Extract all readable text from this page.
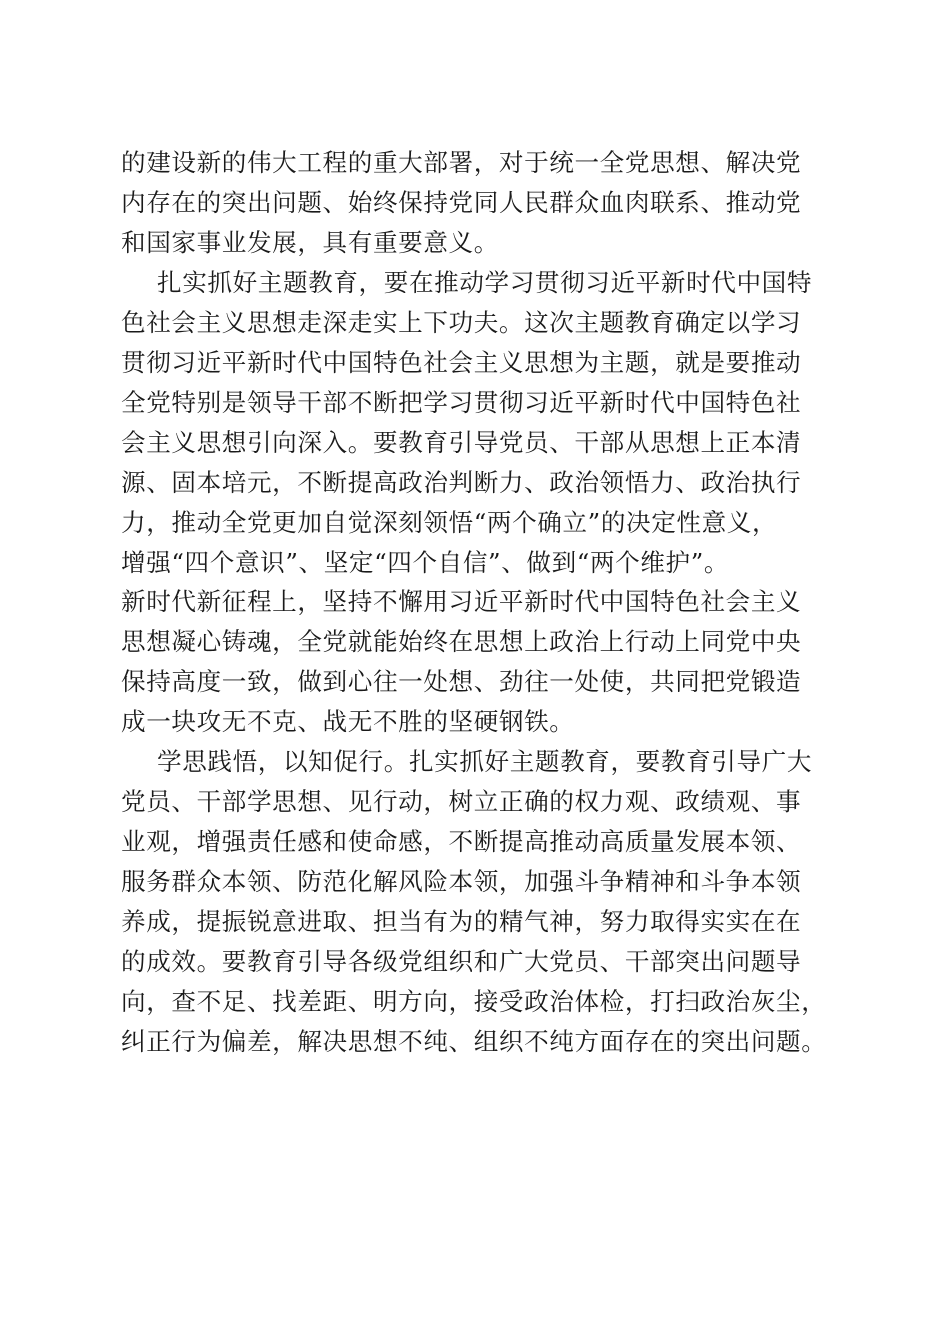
的建设新的伟大工程的重大部署，对于统一全党思想、解决党
内存在的突出问题、始终保持党同人民群众血肉联系、推动党
和国家事业发展，具有重要意义。

扎实抓好主题教育，要在推动学习贯彻习近平新时代中国特
色社会主义思想走深走实上下功夫。这次主题教育确定以学习
贯彻习近平新时代中国特色社会主义思想为主题，就是要推动
全党特别是领导干部不断把学习贯彻习近平新时代中国特色社
会主义思想引向深入。要教育引导党员、干部从思想上正本清
源、固本培元，不断提高政治判断力、政治领悟力、政治执行
力，推动全党更加自觉深刻领悟“两个确立”的决定性意义，
增强“四个意识”、坚定“四个自信”、做到“两个维护”。
新时代新征程上，坚持不懈用习近平新时代中国特色社会主义
思想凝心铸魂，全党就能始终在思想上政治上行动上同党中央
保持高度一致，做到心往一处想、劲往一处使，共同把党锻造
成一块攻无不克、战无不胜的坚硬钢铁。

学思践悟，以知促行。扎实抓好主题教育，要教育引导广大
党员、干部学思想、见行动，树立正确的权力观、政绩观、事
业观，增强责任感和使命感，不断提高推动高质量发展本领、
服务群众本领、防范化解风险本领，加强斗争精神和斗争本领
养成，提振锐意进取、担当有为的精气神，努力取得实实在在
的成效。要教育引导各级党组织和广大党员、干部突出问题导
向，查不足、找差距、明方向，接受政治体检，打扫政治灰尘，
纠正行为偏差，解决思想不纯、组织不纯方面存在的突出问题。
